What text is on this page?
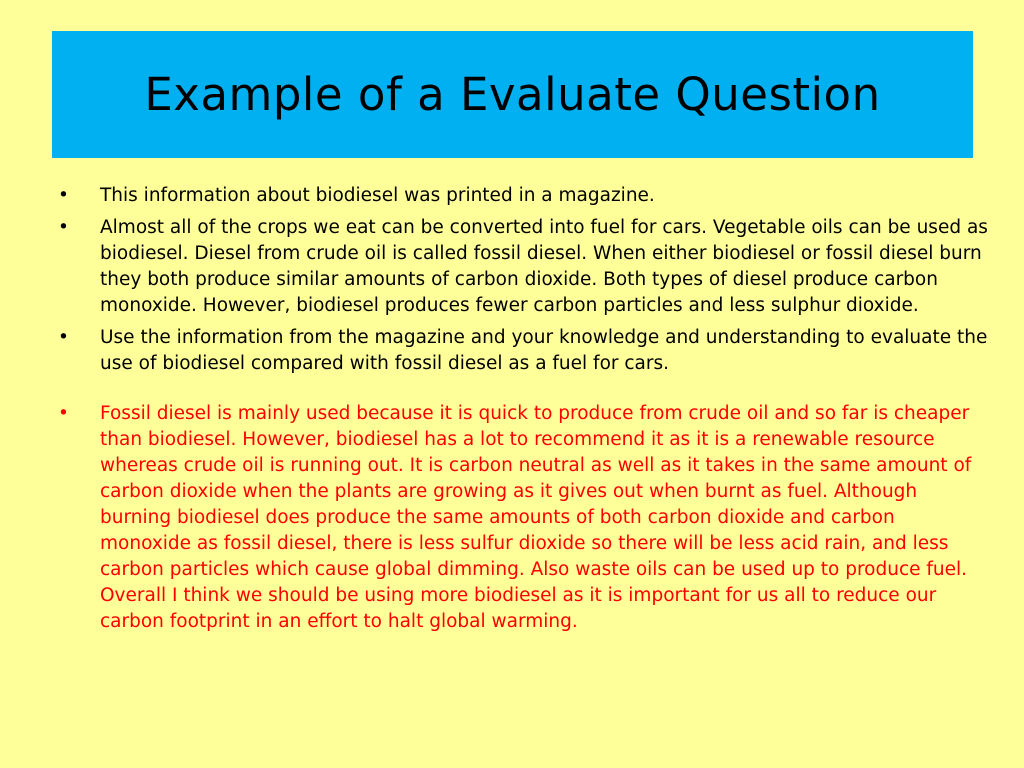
Example of a Evaluate Question
• This information about biodiesel was printed in a magazine.
• Almost all of the crops we eat can be converted into fuel for cars. Vegetable oils can be used as biodiesel. Diesel from crude oil is called fossil diesel. When either biodiesel or fossil diesel burn they both produce similar amounts of carbon dioxide. Both types of diesel produce carbon monoxide. However, biodiesel produces fewer carbon particles and less sulphur dioxide.
• Use the information from the magazine and your knowledge and understanding to evaluate the use of biodiesel compared with fossil diesel as a fuel for cars.
• Fossil diesel is mainly used because it is quick to produce from crude oil and so far is cheaper than biodiesel. However, biodiesel has a lot to recommend it as it is a renewable resource whereas crude oil is running out. It is carbon neutral as well as it takes in the same amount of carbon dioxide when the plants are growing as it gives out when burnt as fuel. Although burning biodiesel does produce the same amounts of both carbon dioxide and carbon monoxide as fossil diesel, there is less sulfur dioxide so there will be less acid rain, and less carbon particles which cause global dimming. Also waste oils can be used up to produce fuel. Overall I think we should be using more biodiesel as it is important for us all to reduce our carbon footprint in an effort to halt global warming.
